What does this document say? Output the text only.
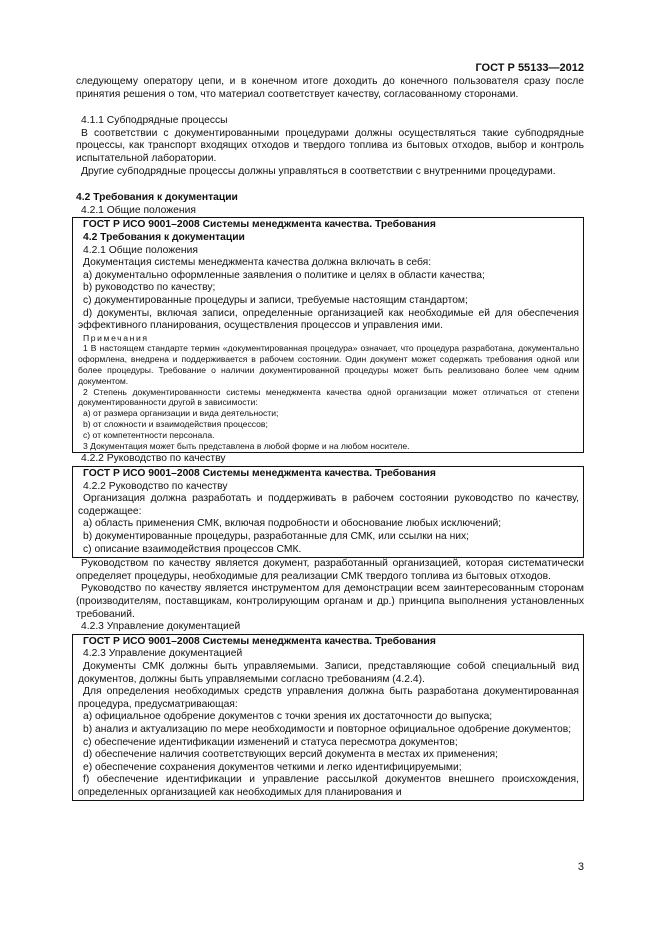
ГОСТ Р 55133—2012

следующему оператору цепи, и в конечном итоге доходить до конечного пользователя сразу после принятия решения о том, что материал соответствует качеству, согласованному сторонами.

4.1.1 Субподрядные процессы

В соответствии с документированными процедурами должны осуществляться такие субподрядные процессы, как транспорт входящих отходов и твердого топлива из бытовых отходов, выбор и контроль испытательной лаборатории.

Другие субподрядные процессы должны управляться в соответствии с внутренними процедурами.

4.2 Требования к документации

4.2.1 Общие положения

ГОСТ Р ИСО 9001–2008 Системы менеджмента качества. Требования

4.2 Требования к документации

4.2.1 Общие положения

Документация системы менеджмента качества должна включать в себя:

a) документально оформленные заявления о политике и целях в области качества;

b) руководство по качеству;

c) документированные процедуры и записи, требуемые настоящим стандартом;

d) документы, включая записи, определенные организацией как необходимые ей для обеспечения эффективного планирования, осуществления процессов и управления ими.

Примечания

1 В настоящем стандарте термин «документированная процедура» означает, что процедура разработана, документально оформлена, внедрена и поддерживается в рабочем состоянии. Один документ может содержать требования одной или более процедуры. Требование о наличии документированной процедуры может быть реализовано более чем одним документом.

2 Степень документированности системы менеджмента качества одной организации может отличаться от степени документированности другой в зависимости:

a) от размера организации и вида деятельности;

b) от сложности и взаимодействия процессов;

c) от компетентности персонала.

3 Документация может быть представлена в любой форме и на любом носителе.

4.2.2 Руководство по качеству

ГОСТ Р ИСО 9001–2008 Системы менеджмента качества. Требования

4.2.2 Руководство по качеству

Организация должна разработать и поддерживать в рабочем состоянии руководство по качеству, содержащее:

a) область применения СМК, включая подробности и обоснование любых исключений;

b) документированные процедуры, разработанные для СМК, или ссылки на них;

c) описание взаимодействия процессов СМК.

Руководством по качеству является документ, разработанный организацией, которая систематически определяет процедуры, необходимые для реализации СМК твердого топлива из бытовых отходов.

Руководство по качеству является инструментом для демонстрации всем заинтересованным сторонам (производителям, поставщикам, контролирующим органам и др.) принципа выполнения установленных требований.

4.2.3 Управление документацией

ГОСТ Р ИСО 9001–2008 Системы менеджмента качества. Требования

4.2.3 Управление документацией

Документы СМК должны быть управляемыми. Записи, представляющие собой специальный вид документов, должны быть управляемыми согласно требованиям (4.2.4).

Для определения необходимых средств управления должна быть разработана документированная процедура, предусматривающая:

a) официальное одобрение документов с точки зрения их достаточности до выпуска;

b) анализ и актуализацию по мере необходимости и повторное официальное одобрение документов;

c) обеспечение идентификации изменений и статуса пересмотра документов;

d) обеспечение наличия соответствующих версий документа в местах их применения;

e) обеспечение сохранения документов четкими и легко идентифицируемыми;

f) обеспечение идентификации и управление рассылкой документов внешнего происхождения, определенных организацией как необходимых для планирования и

3
